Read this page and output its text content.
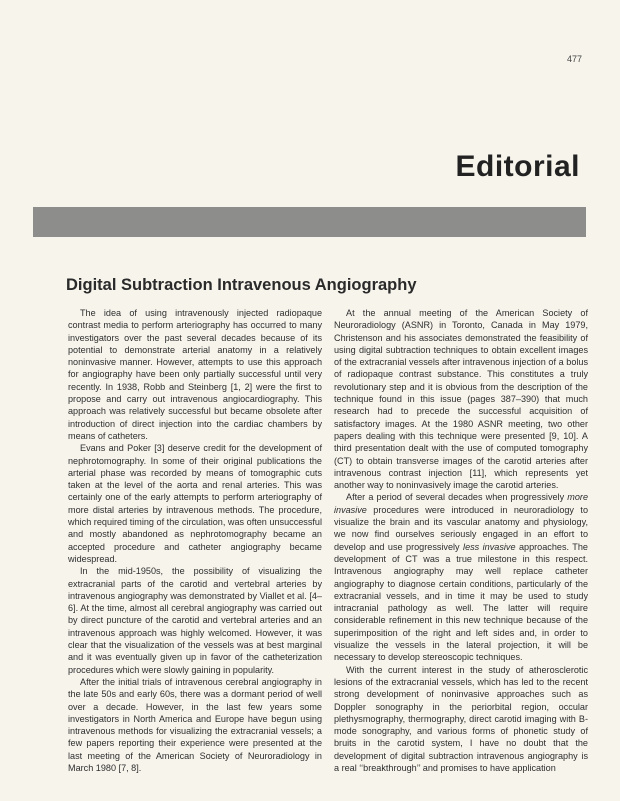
477
Editorial
Digital Subtraction Intravenous Angiography

The idea of using intravenously injected radiopaque contrast media to perform arteriography has occurred to many investigators over the past several decades because of its potential to demonstrate arterial anatomy in a relatively noninvasive manner. However, attempts to use this approach for angiography have been only partially successful until very recently. In 1938, Robb and Steinberg [1, 2] were the first to propose and carry out intravenous angiocardiography. This approach was relatively successful but became obsolete after introduction of direct injection into the cardiac chambers by means of catheters.

Evans and Poker [3] deserve credit for the development of nephrotomography. In some of their original publications the arterial phase was recorded by means of tomographic cuts taken at the level of the aorta and renal arteries. This was certainly one of the early attempts to perform arteriography of more distal arteries by intravenous methods. The procedure, which required timing of the circulation, was often unsuccessful and mostly abandoned as nephrotomography became an accepted procedure and catheter angiography became widespread.

In the mid-1950s, the possibility of visualizing the extracranial parts of the carotid and vertebral arteries by intravenous angiography was demonstrated by Viallet et al. [4–6]. At the time, almost all cerebral angiography was carried out by direct puncture of the carotid and vertebral arteries and an intravenous approach was highly welcomed. However, it was clear that the visualization of the vessels was at best marginal and it was eventually given up in favor of the catheterization procedures which were slowly gaining in popularity.

After the initial trials of intravenous cerebral angiography in the late 50s and early 60s, there was a dormant period of well over a decade. However, in the last few years some investigators in North America and Europe have begun using intravenous methods for visualizing the extracranial vessels; a few papers reporting their experience were presented at the last meeting of the American Society of Neuroradiology in March 1980 [7, 8].

At the annual meeting of the American Society of Neuroradiology (ASNR) in Toronto, Canada in May 1979, Christenson and his associates demonstrated the feasibility of using digital subtraction techniques to obtain excellent images of the extracranial vessels after intravenous injection of a bolus of radiopaque contrast substance. This constitutes a truly revolutionary step and it is obvious from the description of the technique found in this issue (pages 387–390) that much research had to precede the successful acquisition of satisfactory images. At the 1980 ASNR meeting, two other papers dealing with this technique were presented [9, 10]. A third presentation dealt with the use of computed tomography (CT) to obtain transverse images of the carotid arteries after intravenous contrast injection [11], which represents yet another way to noninvasively image the carotid arteries.

After a period of several decades when progressively more invasive procedures were introduced in neuroradiology to visualize the brain and its vascular anatomy and physiology, we now find ourselves seriously engaged in an effort to develop and use progressively less invasive approaches. The development of CT was a true milestone in this respect. Intravenous angiography may well replace catheter angiography to diagnose certain conditions, particularly of the extracranial vessels, and in time it may be used to study intracranial pathology as well. The latter will require considerable refinement in this new technique because of the superimposition of the right and left sides and, in order to visualize the vessels in the lateral projection, it will be necessary to develop stereoscopic techniques.

With the current interest in the study of atherosclerotic lesions of the extracranial vessels, which has led to the recent strong development of noninvasive approaches such as Doppler sonography in the periorbital region, occular plethysmography, thermography, direct carotid imaging with B-mode sonography, and various forms of phonetic study of bruits in the carotid system, I have no doubt that the development of digital subtraction intravenous angiography is a real ‘‘breakthrough’’ and promises to have application
